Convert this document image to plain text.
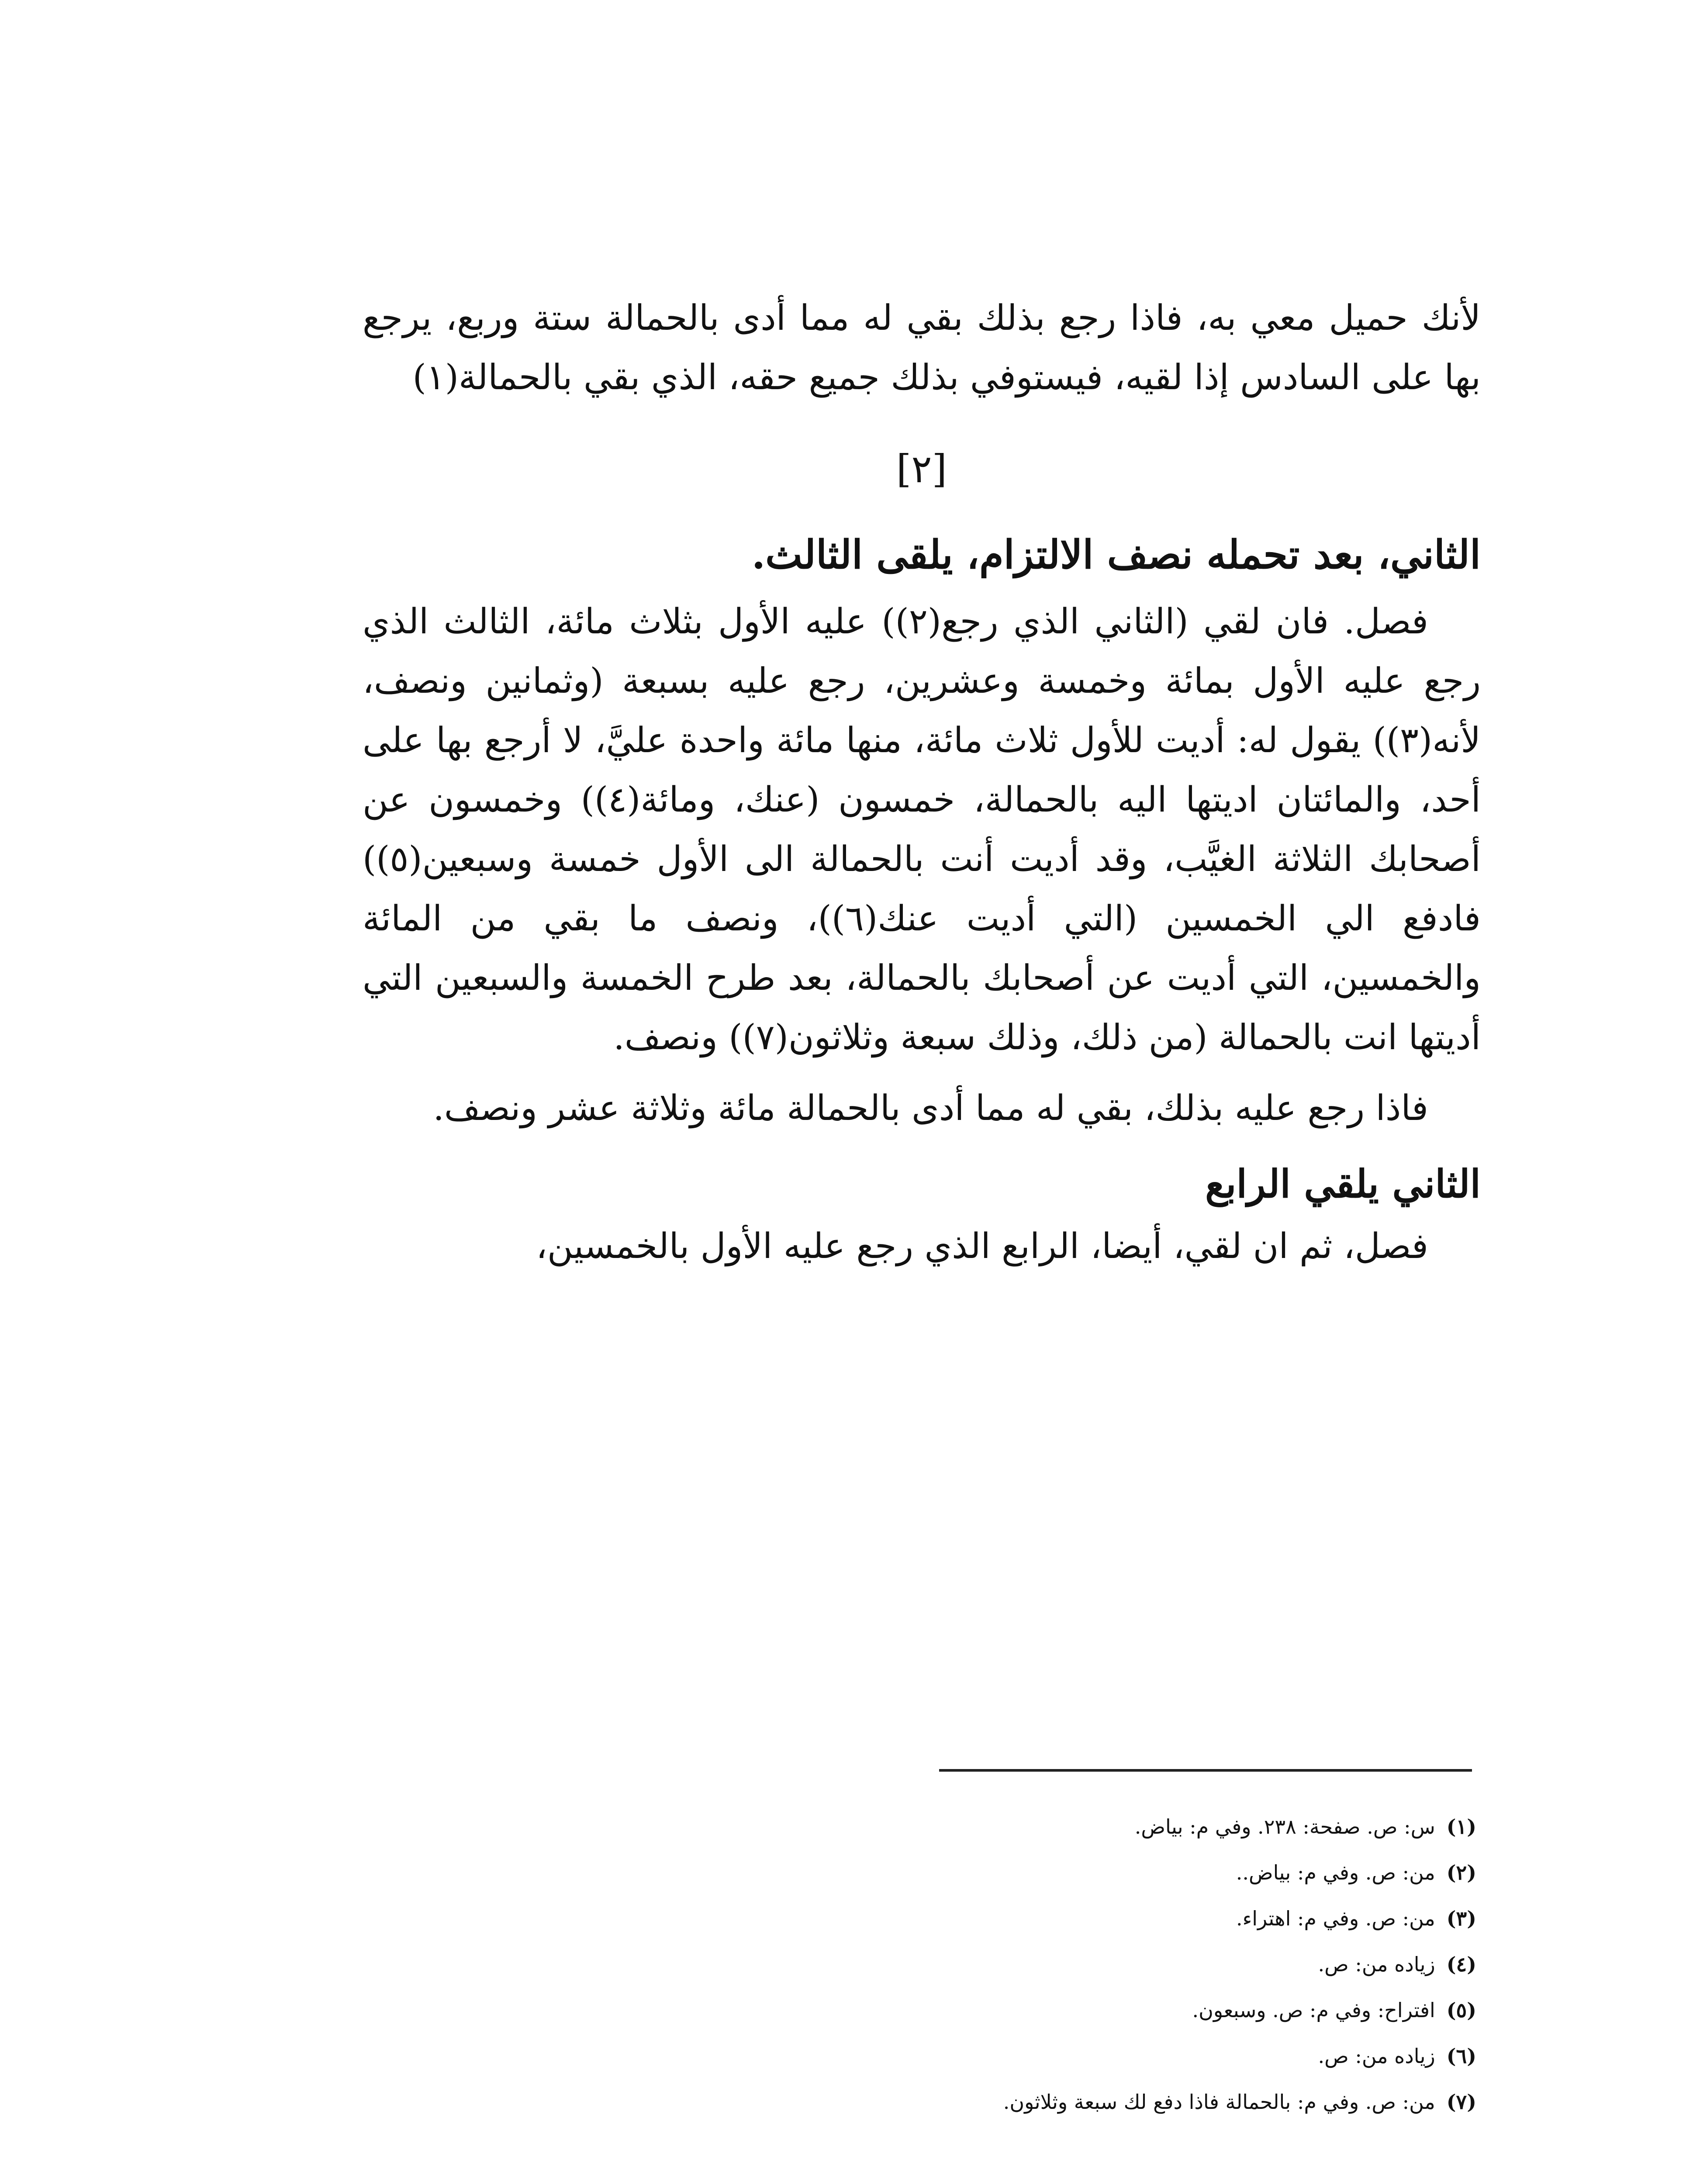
لأنك حميل معي به، فاذا رجع بذلك بقي له مما أدى بالحمالة ستة وربع، يرجع بها على السادس إذا لقيه، فيستوفي بذلك جميع حقه، الذي بقي بالحمالة(١)

[٢]

الثاني، بعد تحمله نصف الالتزام، يلقى الثالث.

فصل. فان لقي (الثاني الذي رجع(٢)) عليه الأول بثلاث مائة، الثالث الذي رجع عليه الأول بمائة وخمسة وعشرين، رجع عليه بسبعة (وثمانين ونصف، لأنه(٣)) يقول له: أديت للأول ثلاث مائة، منها مائة واحدة عليَّ، لا أرجع بها على أحد، والمائتان اديتها اليه بالحمالة، خمسون (عنك، ومائة(٤)) وخمسون عن أصحابك الثلاثة الغيَّب، وقد أديت أنت بالحمالة الى الأول خمسة وسبعين(٥)) فادفع الي الخمسين (التي أديت عنك(٦))، ونصف ما بقي من المائة والخمسين، التي أديت عن أصحابك بالحمالة، بعد طرح الخمسة والسبعين التي أديتها انت بالحمالة (من ذلك، وذلك سبعة وثلاثون(٧)) ونصف.

فاذا رجع عليه بذلك، بقي له مما أدى بالحمالة مائة وثلاثة عشر ونصف.

الثاني يلقي الرابع

فصل، ثم ان لقي، أيضا، الرابع الذي رجع عليه الأول بالخمسين،

(١)س: ص. صفحة: ٢٣٨. وفي م: بياض.
(٢)من: ص. وفي م: بياض..
(٣)من: ص. وفي م: اهتراء.
(٤)زياده من: ص.
(٥)افتراح: وفي م: ص. وسبعون.
(٦)زياده من: ص.
(٧)من: ص. وفي م: بالحمالة فاذا دفع لك سبعة وثلاثون.
